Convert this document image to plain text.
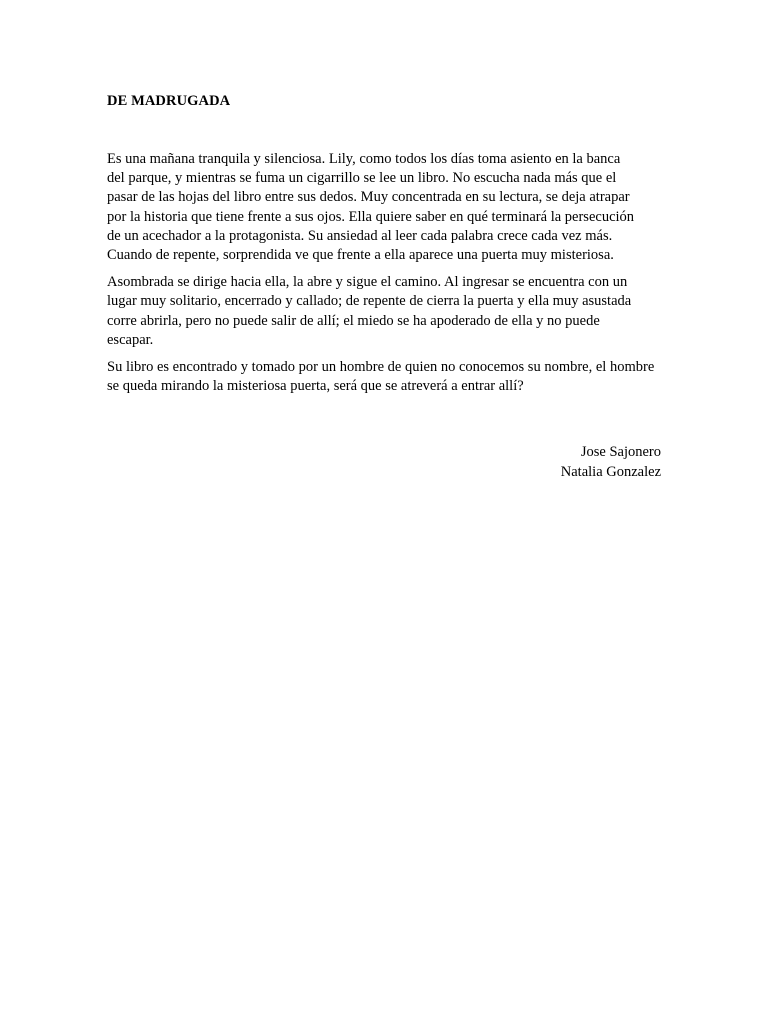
DE MADRUGADA

Es una mañana tranquila y silenciosa. Lily, como todos los días toma asiento en la banca
del parque, y mientras se fuma un cigarrillo se lee un libro. No escucha nada más que el
pasar de las hojas del libro entre sus dedos. Muy concentrada en su lectura, se deja atrapar
por la historia que tiene frente a sus ojos. Ella quiere saber en qué terminará la persecución
de un acechador a la protagonista. Su ansiedad al leer cada palabra crece cada vez más.
Cuando de repente, sorprendida ve que frente a ella aparece una puerta muy misteriosa.

Asombrada se dirige hacia ella, la abre y sigue el camino. Al ingresar se encuentra con un
lugar muy solitario, encerrado y callado; de repente de cierra la puerta y ella muy asustada
corre abrirla, pero no puede salir de allí; el miedo se ha apoderado de ella y no puede
escapar.

Su libro es encontrado y tomado por un hombre de quien no conocemos su nombre, el hombre
se queda mirando la misteriosa puerta, será que se atreverá a entrar allí?

Jose Sajonero
Natalia Gonzalez
